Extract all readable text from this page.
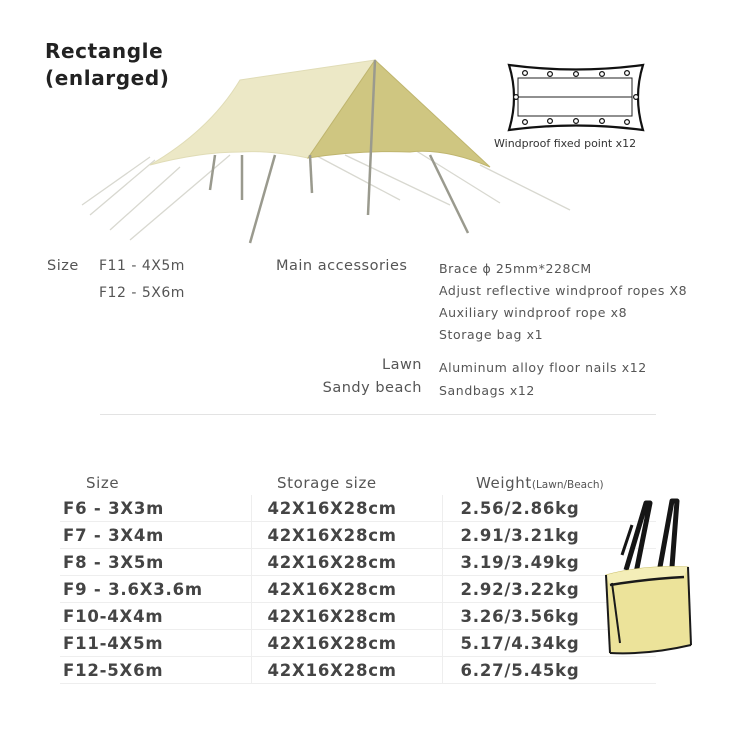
Rectangle
(enlarged)
Windproof fixed point x12
Size F11 - 4X5m
F12 - 5X6m
Main accessories	Brace ϕ 25mm*228CM
Adjust reflective windproof ropes X8
Auxiliary windproof rope x8
Storage bag x1
Lawn Aluminum alloy floor nails x12
Sandy beach Sandbags x12
Size	Storage size	Weight(Lawn/Beach)
F6 - 3X3m	42X16X28cm	2.56/2.86kg
F7 - 3X4m	42X16X28cm	2.91/3.21kg
F8 - 3X5m	42X16X28cm	3.19/3.49kg
F9 - 3.6X3.6m	42X16X28cm	2.92/3.22kg
F10-4X4m	42X16X28cm	3.26/3.56kg
F11-4X5m	42X16X28cm	5.17/4.34kg
F12-5X6m	42X16X28cm	6.27/5.45kg
